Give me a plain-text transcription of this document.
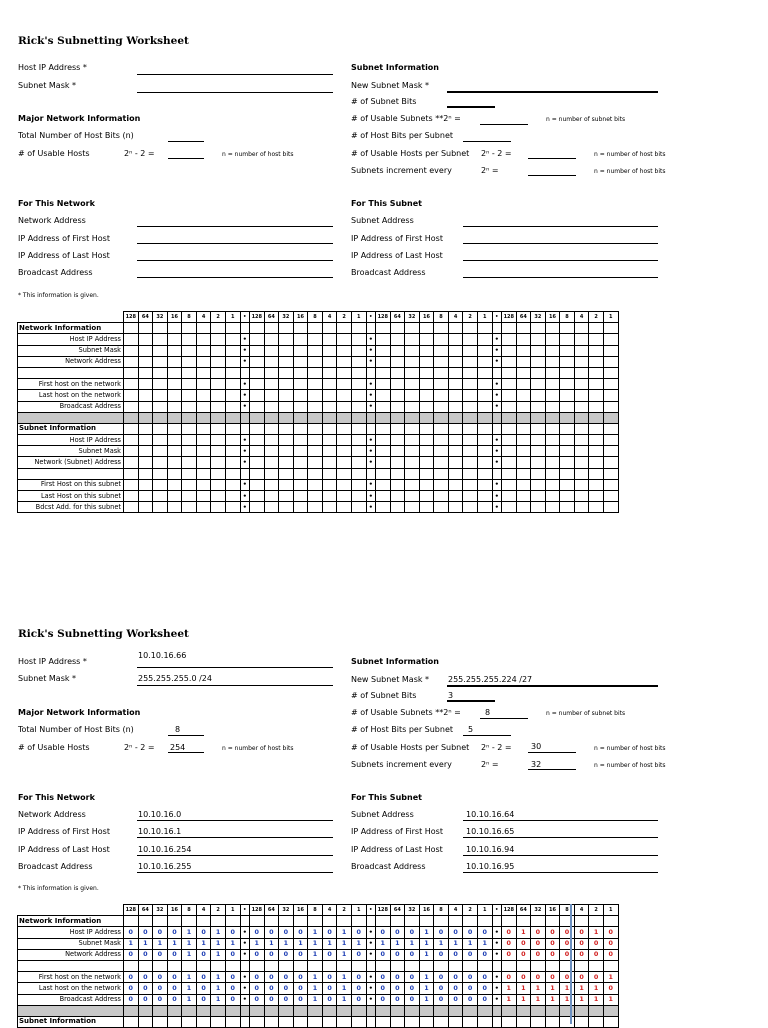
Rick's Subnetting Worksheet
Host IP Address *
Subnet Mask *
Major Network Information
Total Number of Host Bits (n)
# of Usable Hosts	2ⁿ - 2 =	n = number of host bits
Subnet Information
New Subnet Mask *
# of Subnet Bits
# of Usable Subnets **2ⁿ =	n = number of subnet bits
# of Host Bits per Subnet
# of Usable Hosts per Subnet 2ⁿ - 2 =	n = number of host bits
Subnets increment every	2ⁿ =	n = number of host bits
For This Network
Network Address
IP Address of First Host
IP Address of Last Host
Broadcast Address
For This Subnet
Subnet Address
IP Address of First Host
IP Address of Last Host
Broadcast Address
* This information is given.
	128	64	32	16	8	4	2	1	•	128	64	32	16	8	4	2	1	•	128	64	32	16	8	4	2	1	•	128	64	32	16	8	4	2	1
Network Information																																			
Host IP Address									•									•									•								
Subnet Mask									•									•									•								
Network Address									•									•									•								

First host on the network									•									•									•								
Last host on the network									•									•									•								
Broadcast Address									•									•									•								

Subnet Information																																			
Host IP Address									•									•									•								
Subnet Mask									•									•									•								
Network (Subnet) Address									•									•									•								

First Host on this subnet									•									•									•								
Last Host on this subnet									•									•									•								
Bdcst Add. for this subnet									•									•									•								
Rick's Subnetting Worksheet
Host IP Address *
10.10.16.66
Subnet Mask *	255.255.255.0 /24
Major Network Information
Total Number of Host Bits (n)	8
# of Usable Hosts	2ⁿ - 2 = 254	n = number of host bits
Subnet Information
New Subnet Mask * 255.255.255.224 /27
# of Subnet Bits	3
# of Usable Subnets **2ⁿ =	8	n = number of subnet bits
# of Host Bits per Subnet 5
# of Usable Hosts per Subnet 2ⁿ - 2 = 30	n = number of host bits
Subnets increment every	2ⁿ =	32	n = number of host bits
For This Network
Network Address	10.10.16.0
IP Address of First Host	10.10.16.1
IP Address of Last Host	10.10.16.254
Broadcast Address	10.10.16.255
For This Subnet
Subnet Address	10.10.16.64
IP Address of First Host	10.10.16.65
IP Address of Last Host	10.10.16.94
Broadcast Address	10.10.16.95
* This information is given.
	128	64	32	16	8	4	2	1	•	128	64	32	16	8	4	2	1	•	128	64	32	16	8	4	2	1	•	128	64	32	16	8	4	2	1
Network Information																																			
Host IP Address	0	0	0	0	1	0	1	0	•	0	0	0	0	1	0	1	0	•	0	0	0	1	0	0	0	0	•	0	1	0	0	0	0	1	0
Subnet Mask	1	1	1	1	1	1	1	1	•	1	1	1	1	1	1	1	1	•	1	1	1	1	1	1	1	1	•	0	0	0	0	0	0	0	0
Network Address	0	0	0	0	1	0	1	0	•	0	0	0	0	1	0	1	0	•	0	0	0	1	0	0	0	0	•	0	0	0	0	0	0	0	0

First host on the network	0	0	0	0	1	0	1	0	•	0	0	0	0	1	0	1	0	•	0	0	0	1	0	0	0	0	•	0	0	0	0	0	0	0	1
Last host on the network	0	0	0	0	1	0	1	0	•	0	0	0	0	1	0	1	0	•	0	0	0	1	0	0	0	0	•	1	1	1	1	1	1	1	0
Broadcast Address	0	0	0	0	1	0	1	0	•	0	0	0	0	1	0	1	0	•	0	0	0	1	0	0	0	0	•	1	1	1	1	1	1	1	1

Subnet Information																																			
